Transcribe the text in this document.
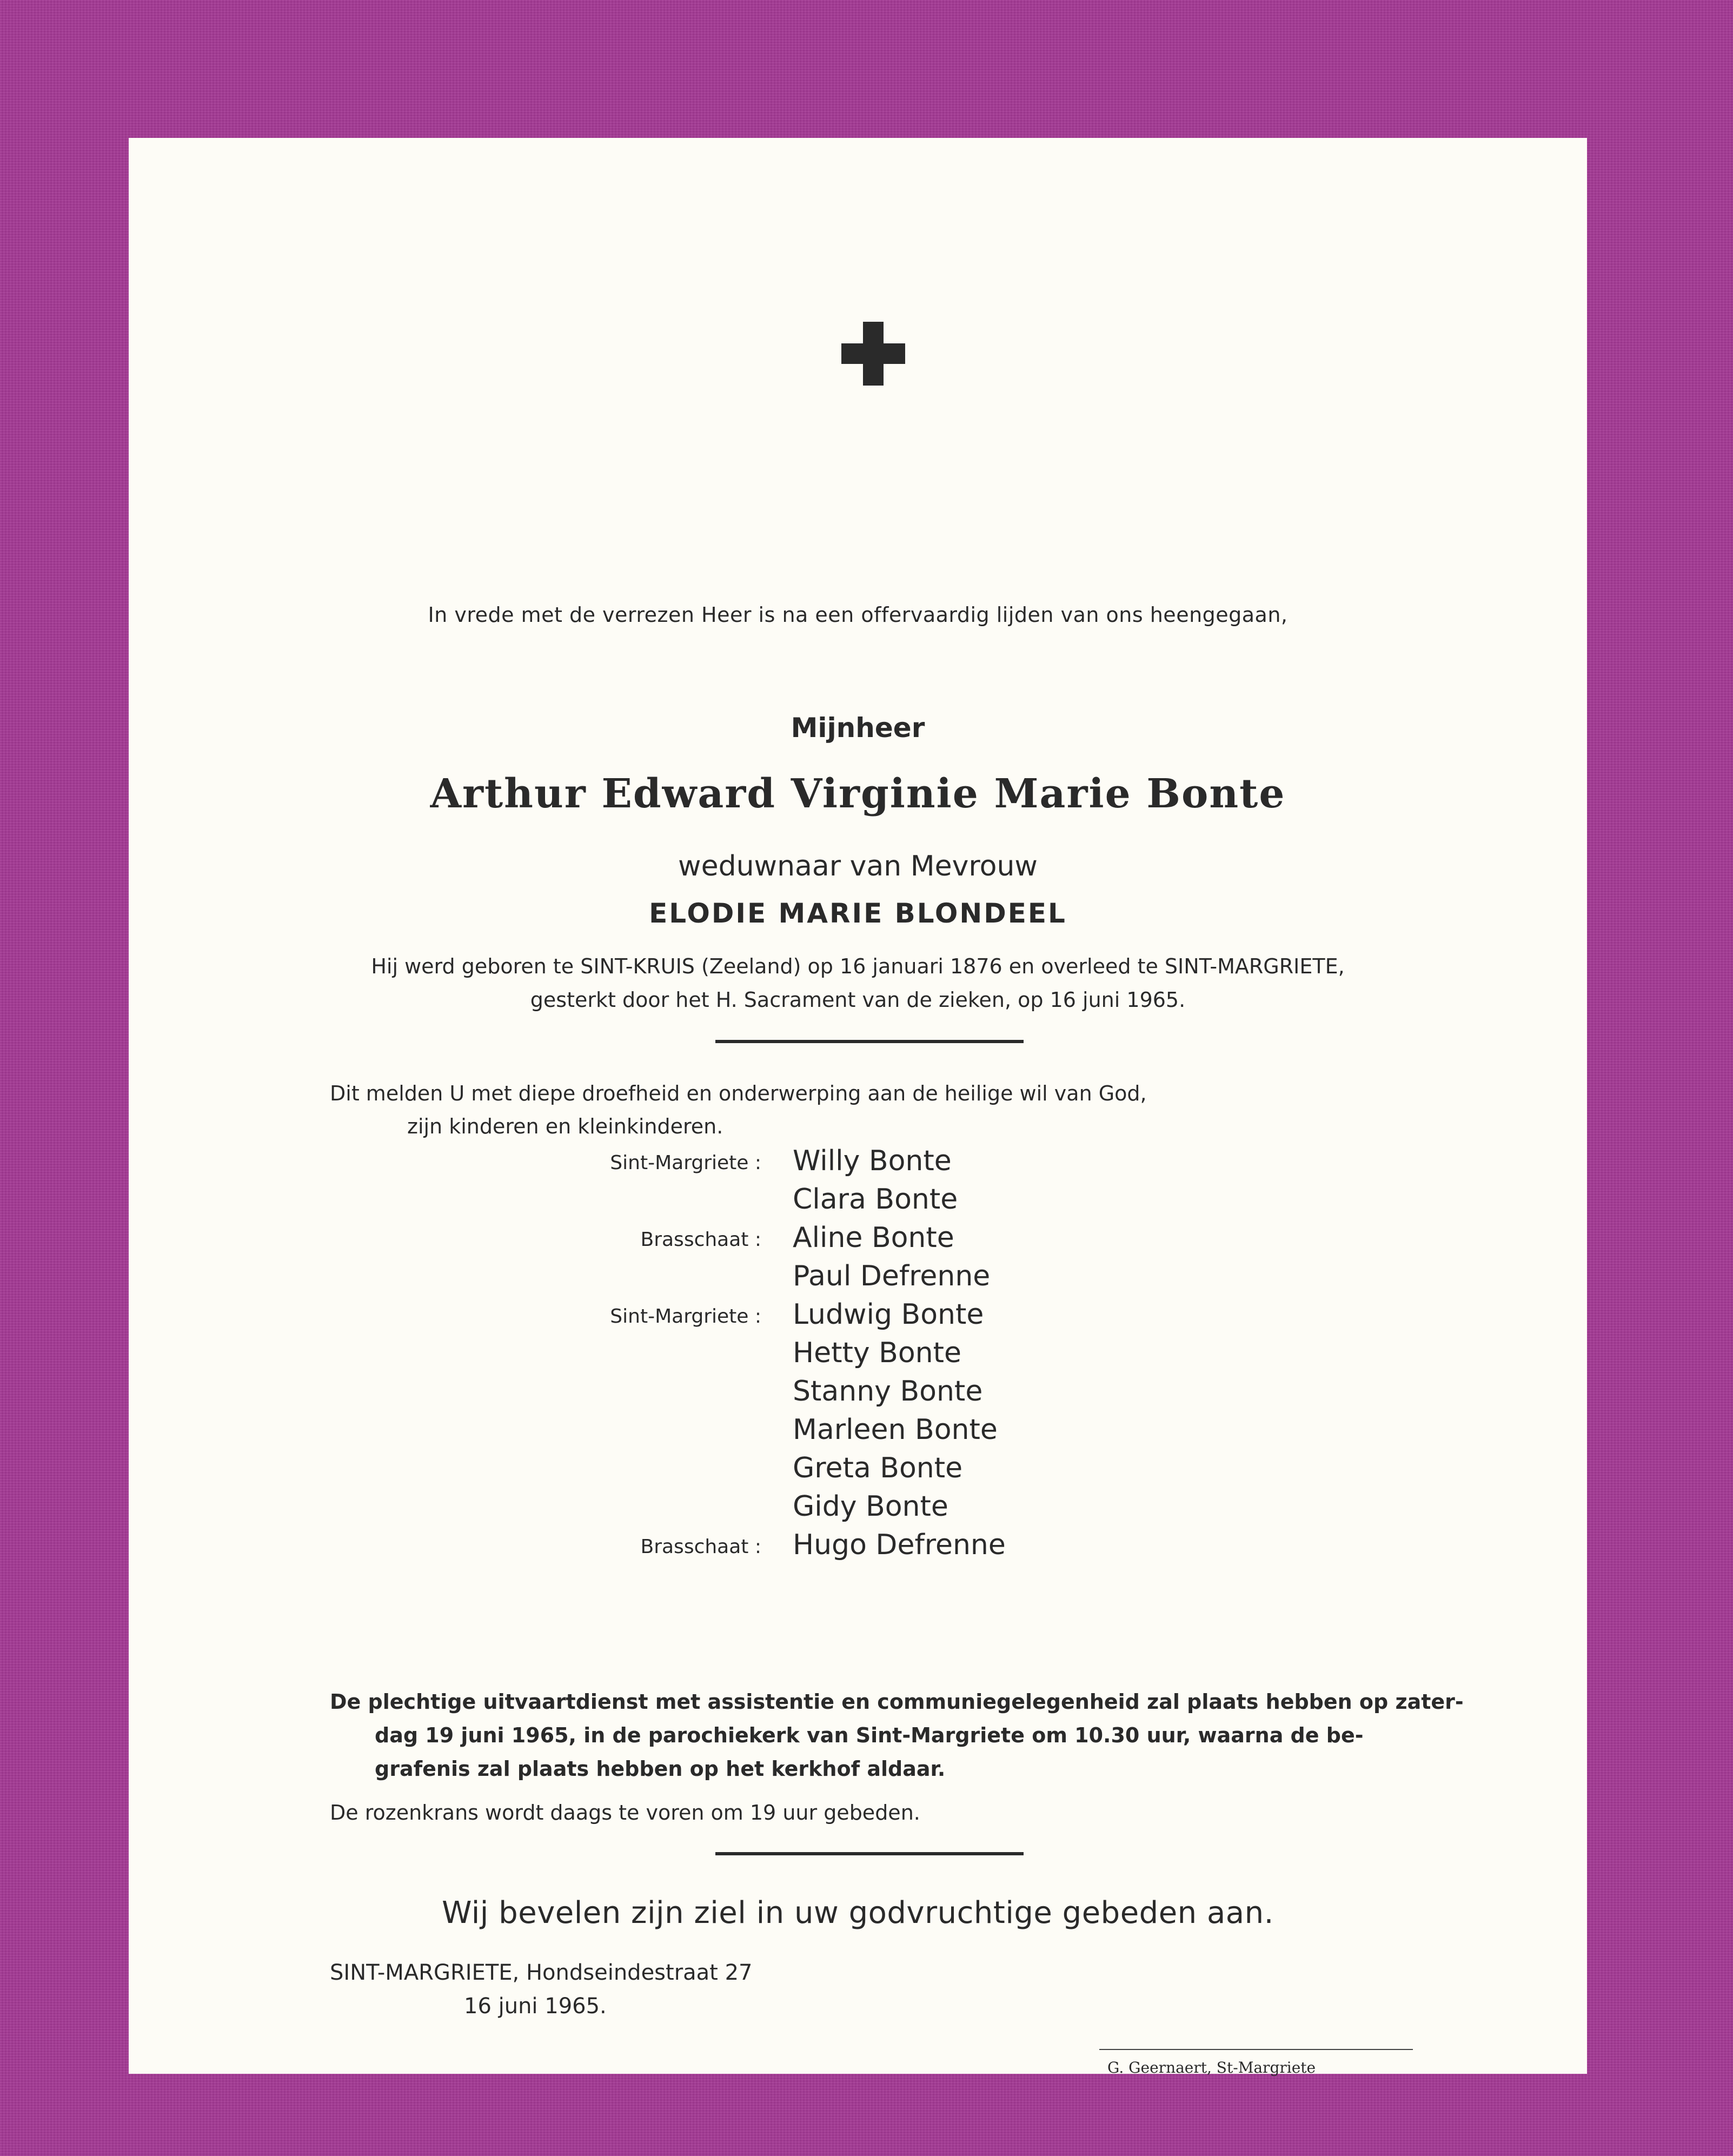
In vrede met de verrezen Heer is na een offervaardig lijden van ons heengegaan,
Mijnheer
Arthur Edward Virginie Marie Bonte
weduwnaar van Mevrouw
ELODIE MARIE BLONDEEL
Hij werd geboren te SINT-KRUIS (Zeeland) op 16 januari 1876 en overleed te SINT-MARGRIETE,
gesterkt door het H. Sacrament van de zieken, op 16 juni 1965.
Dit melden U met diepe droefheid en onderwerping aan de heilige wil van God,
zijn kinderen en kleinkinderen.
Sint-Margriete : Willy Bonte
Clara Bonte
Brasschaat : Aline Bonte
Paul Defrenne
Sint-Margriete : Ludwig Bonte
Hetty Bonte
Stanny Bonte
Marleen Bonte
Greta Bonte
Gidy Bonte
Brasschaat : Hugo Defrenne
De plechtige uitvaartdienst met assistentie en communiegelegenheid zal plaats hebben op zater-
dag 19 juni 1965, in de parochiekerk van Sint-Margriete om 10.30 uur, waarna de be-
grafenis zal plaats hebben op het kerkhof aldaar.
De rozenkrans wordt daags te voren om 19 uur gebeden.
Wij bevelen zijn ziel in uw godvruchtige gebeden aan.
SINT-MARGRIETE, Hondseindestraat 27
16 juni 1965.
G. Geernaert, St-Margriete
